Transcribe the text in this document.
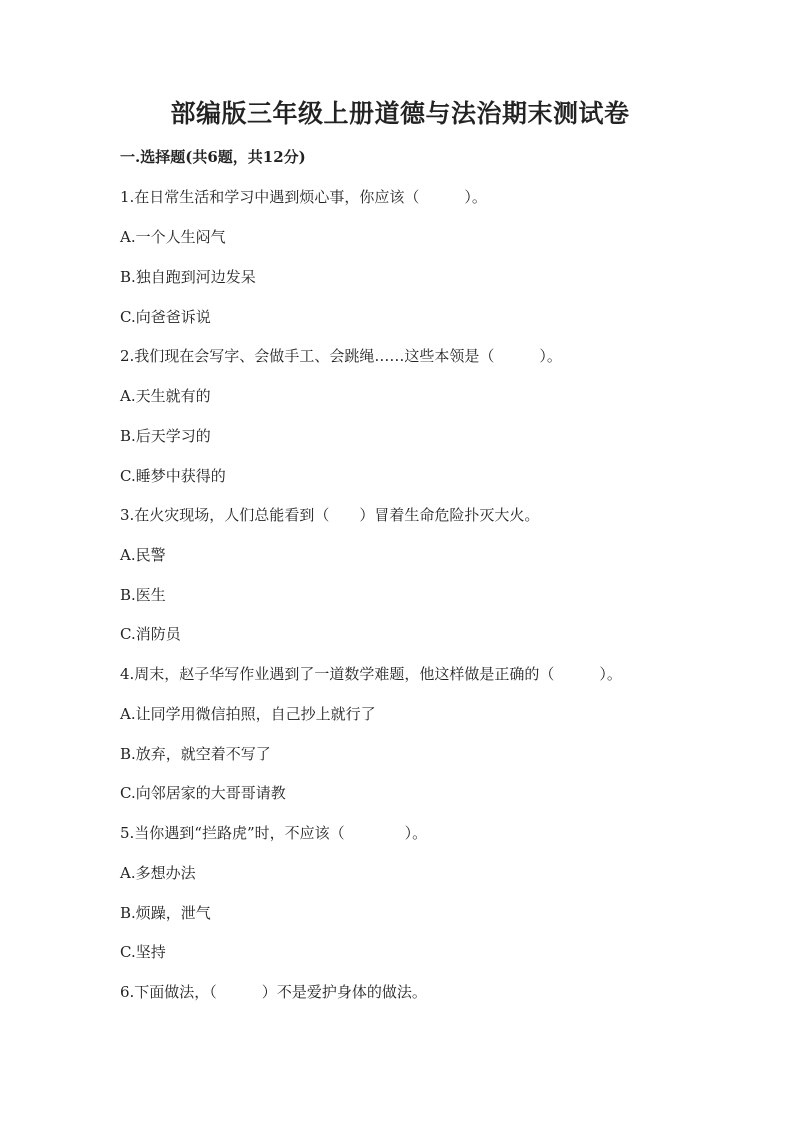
部编版三年级上册道德与法治期末测试卷
一.选择题(共6题，共12分)
1.在日常生活和学习中遇到烦心事，你应该（　　　）。
A.一个人生闷气
B.独自跑到河边发呆
C.向爸爸诉说
2.我们现在会写字、会做手工、会跳绳……这些本领是（　　　）。
A.天生就有的
B.后天学习的
C.睡梦中获得的
3.在火灾现场，人们总能看到（　　）冒着生命危险扑灭大火。
A.民警
B.医生
C.消防员
4.周末，赵子华写作业遇到了一道数学难题，他这样做是正确的（　　　）。
A.让同学用微信拍照，自己抄上就行了
B.放弃，就空着不写了
C.向邻居家的大哥哥请教
5.当你遇到“拦路虎”时，不应该（　　　　）。
A.多想办法
B.烦躁，泄气
C.坚持
6.下面做法，（　　　）不是爱护身体的做法。
